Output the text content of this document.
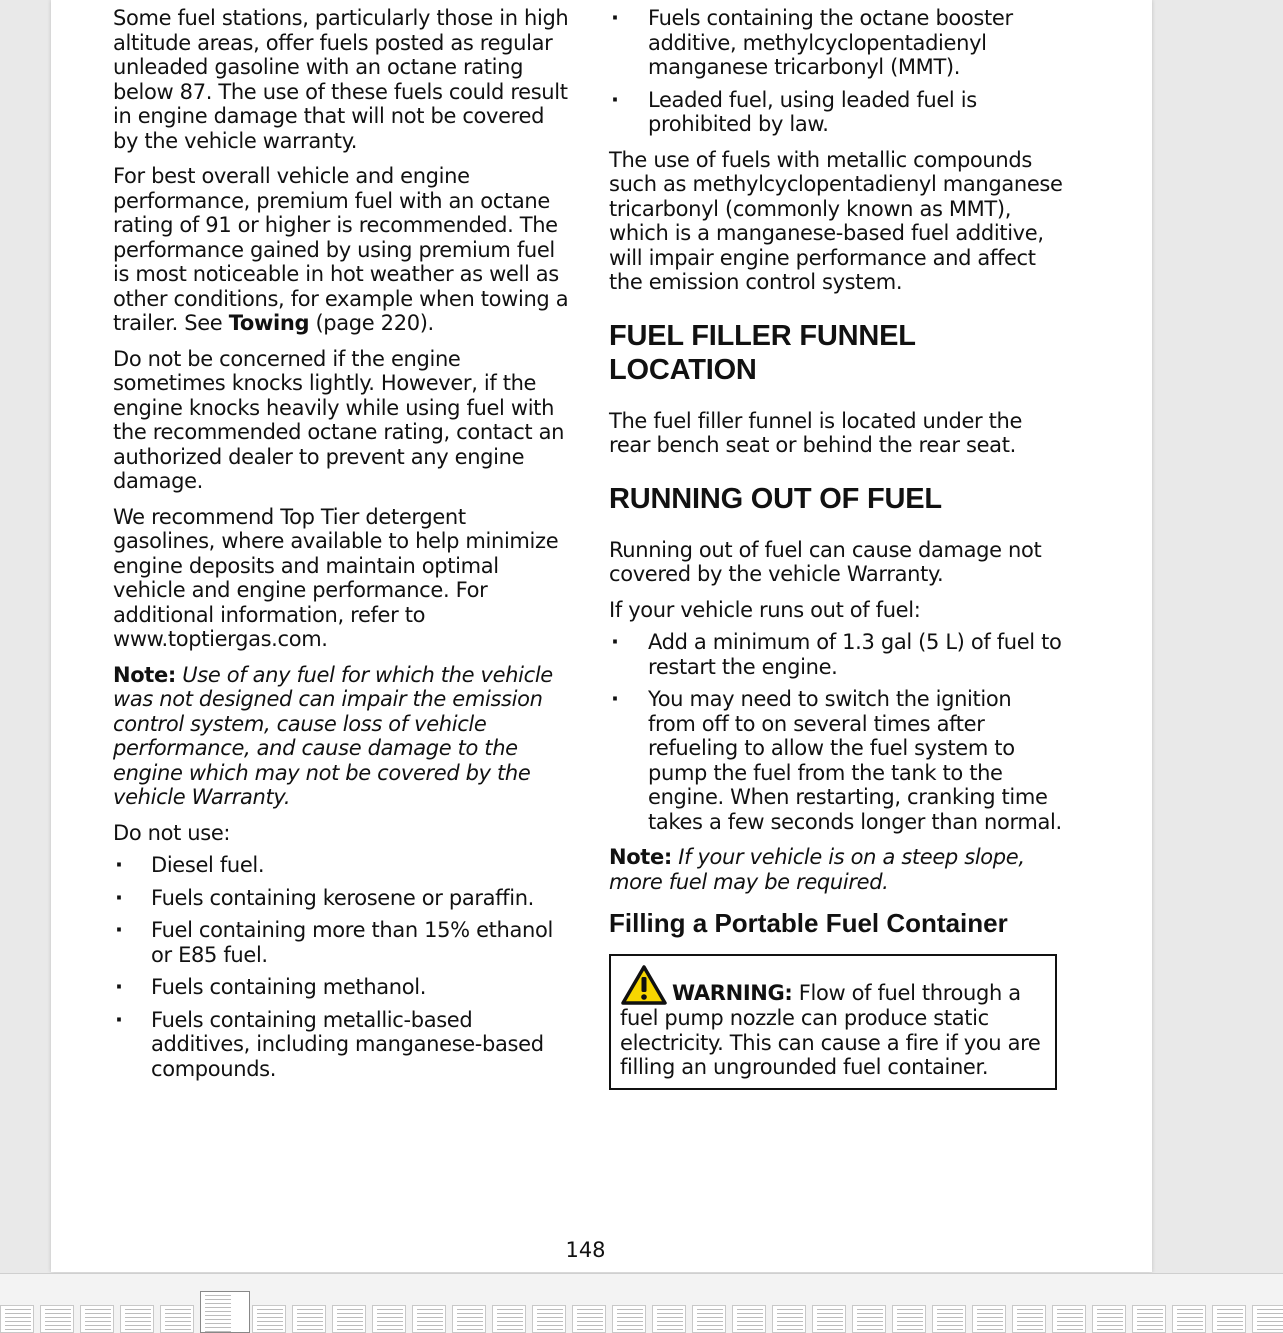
Some fuel stations, particularly those in high altitude areas, offer fuels posted as regular unleaded gasoline with an octane rating below 87. The use of these fuels could result in engine damage that will not be covered by the vehicle warranty.

For best overall vehicle and engine performance, premium fuel with an octane rating of 91 or higher is recommended. The performance gained by using premium fuel is most noticeable in hot weather as well as other conditions, for example when towing a trailer. See Towing (page 220).

Do not be concerned if the engine sometimes knocks lightly. However, if the engine knocks heavily while using fuel with the recommended octane rating, contact an authorized dealer to prevent any engine damage.

We recommend Top Tier detergent gasolines, where available to help minimize engine deposits and maintain optimal vehicle and engine performance. For additional information, refer to www.toptiergas.com.

Note: Use of any fuel for which the vehicle was not designed can impair the emission control system, cause loss of vehicle performance, and cause damage to the engine which may not be covered by the vehicle Warranty.

Do not use:

· Diesel fuel.
· Fuels containing kerosene or paraffin.
· Fuel containing more than 15% ethanol or E85 fuel.
· Fuels containing methanol.
· Fuels containing metallic-based additives, including manganese-based compounds.
· Fuels containing the octane booster additive, methylcyclopentadienyl manganese tricarbonyl (MMT).
· Leaded fuel, using leaded fuel is prohibited by law.

The use of fuels with metallic compounds such as methylcyclopentadienyl manganese tricarbonyl (commonly known as MMT), which is a manganese-based fuel additive, will impair engine performance and affect the emission control system.

FUEL FILLER FUNNEL LOCATION

The fuel filler funnel is located under the rear bench seat or behind the rear seat.

RUNNING OUT OF FUEL

Running out of fuel can cause damage not covered by the vehicle Warranty.

If your vehicle runs out of fuel:

· Add a minimum of 1.3 gal (5 L) of fuel to restart the engine.
· You may need to switch the ignition from off to on several times after refueling to allow the fuel system to pump the fuel from the tank to the engine. When restarting, cranking time takes a few seconds longer than normal.

Note: If your vehicle is on a steep slope, more fuel may be required.

Filling a Portable Fuel Container

WARNING: Flow of fuel through a fuel pump nozzle can produce static electricity. This can cause a fire if you are filling an ungrounded fuel container.

148
